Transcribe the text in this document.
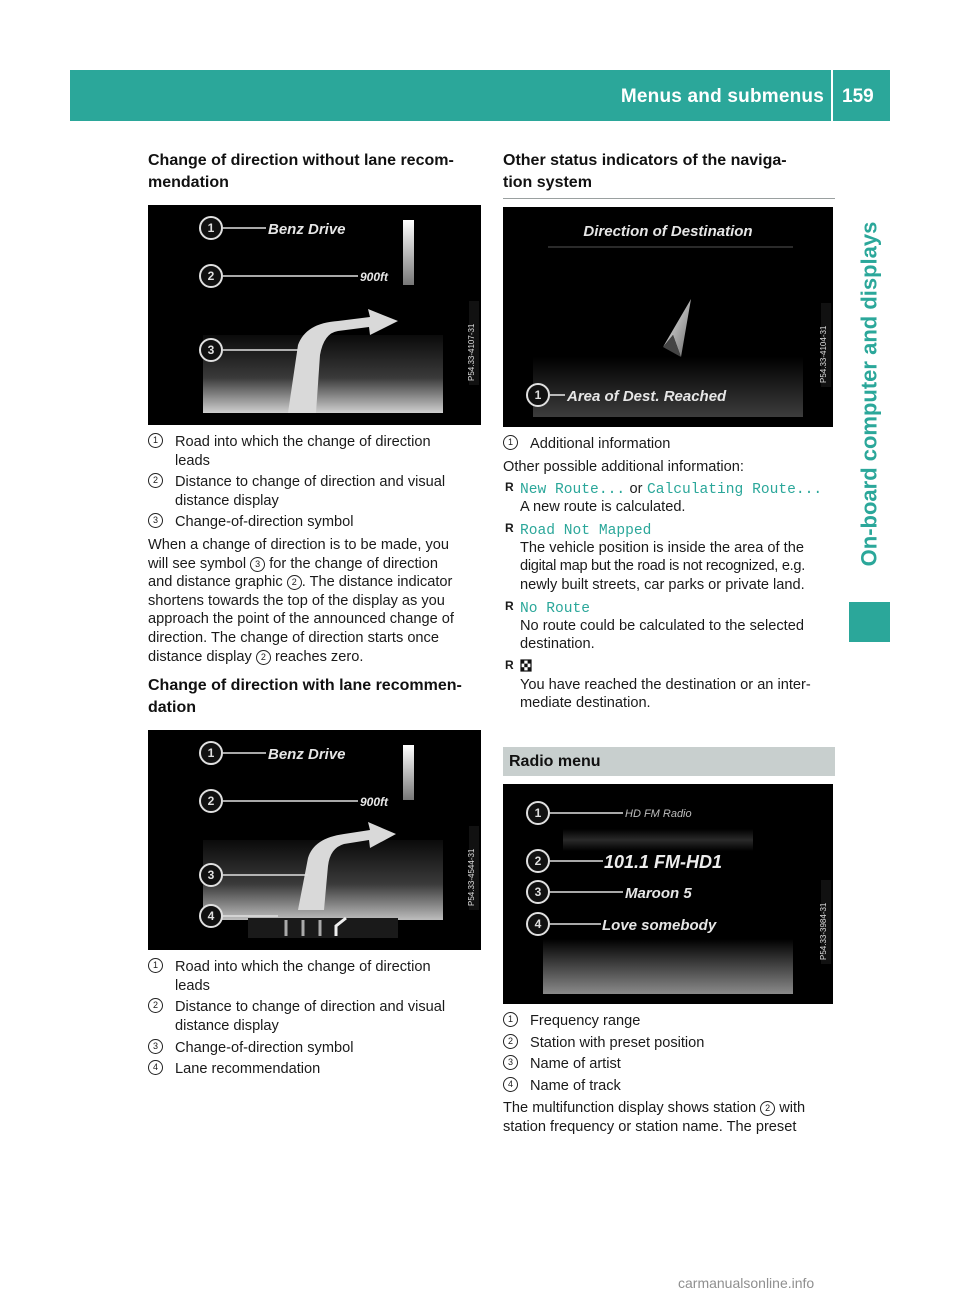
Menus and submenus 159
On-board computer and displays
Change of direction without lane recom-
mendation
P54.33-4107-31
1
2
3
Benz Drive
900ft
1	Road into which the change of direction
leads
2	Distance to change of direction and visual
distance display
3	Change-of-direction symbol

When a change of direction is to be made, you
will see symbol 3 for the change of direction
and distance graphic 2 . The distance indicator
shortens towards the top of the display as you
approach the point of the announced change of
direction. The change of direction starts once
distance display 2 reaches zero.

Change of direction with lane recommen-
dation
P54.33-4544-31
1
2
3
4
Benz Drive
900ft
1	Road into which the change of direction
leads
2	Distance to change of direction and visual
distance display
3	Change-of-direction symbol
4	Lane recommendation
Other status indicators of the naviga-
tion system
P54.33-4104-31
Direction of Destination
1 Area of Dest. Reached
1	Additional information

Other possible additional information:

R New Route... or Calculating Route...

A new route is calculated.

R Road Not Mapped

The vehicle position is inside the area of the
digital map but the road is not recognized, e.g.
newly built streets, car parks or private land.

R No Route

No route could be calculated to the selected
destination.

R

You have reached the destination or an inter-
mediate destination.

Radio menu
P54.33-3984-31
1
2
3
4
HD FM Radio
101.1 FM-HD1
Maroon 5
Love somebody
1	Frequency range
2	Station with preset position
3	Name of artist
4	Name of track

The multifunction display shows station 2 with
station frequency or station name. The preset

carmanualsonline.info
